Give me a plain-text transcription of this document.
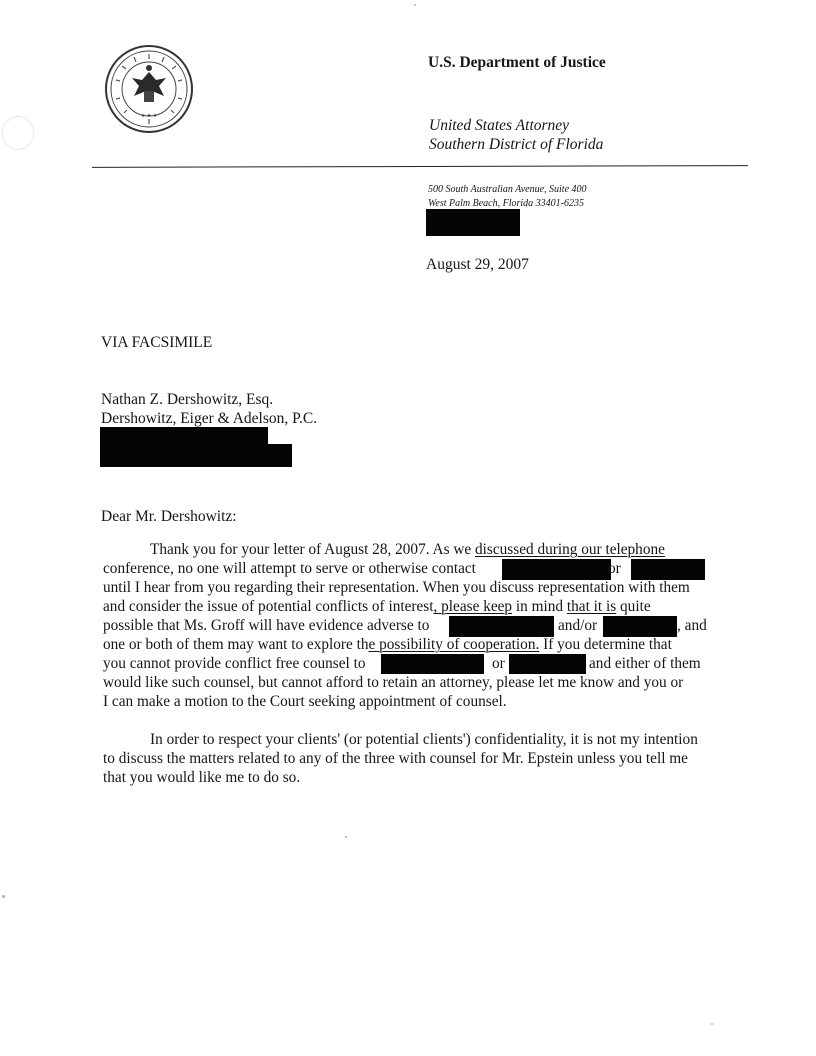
★ ★ ★
U.S. Department of Justice
United States Attorney
Southern District of Florida
500 South Australian Avenue, Suite 400
West Palm Beach, Florida 33401-6235
August 29, 2007
VIA FACSIMILE
Nathan Z. Dershowitz, Esq.
Dershowitz, Eiger & Adelson, P.C.
Dear Mr. Dershowitz:
Thank you for your letter of August 28, 2007. As we discussed during our telephone
conference, no one will attempt to serve or otherwise contact	or
until I hear from you regarding their representation. When you discuss representation with them
and consider the issue of potential conflicts of interest, please keep in mind that it is quite
possible that Ms. Groff will have evidence adverse to	and/or	, and
one or both of them may want to explore the possibility of cooperation. If you determine that
you cannot provide conflict free counsel to	or	and either of them
would like such counsel, but cannot afford to retain an attorney, please let me know and you or
I can make a motion to the Court seeking appointment of counsel.
In order to respect your clients' (or potential clients') confidentiality, it is not my intention
to discuss the matters related to any of the three with counsel for Mr. Epstein unless you tell me
that you would like me to do so.
